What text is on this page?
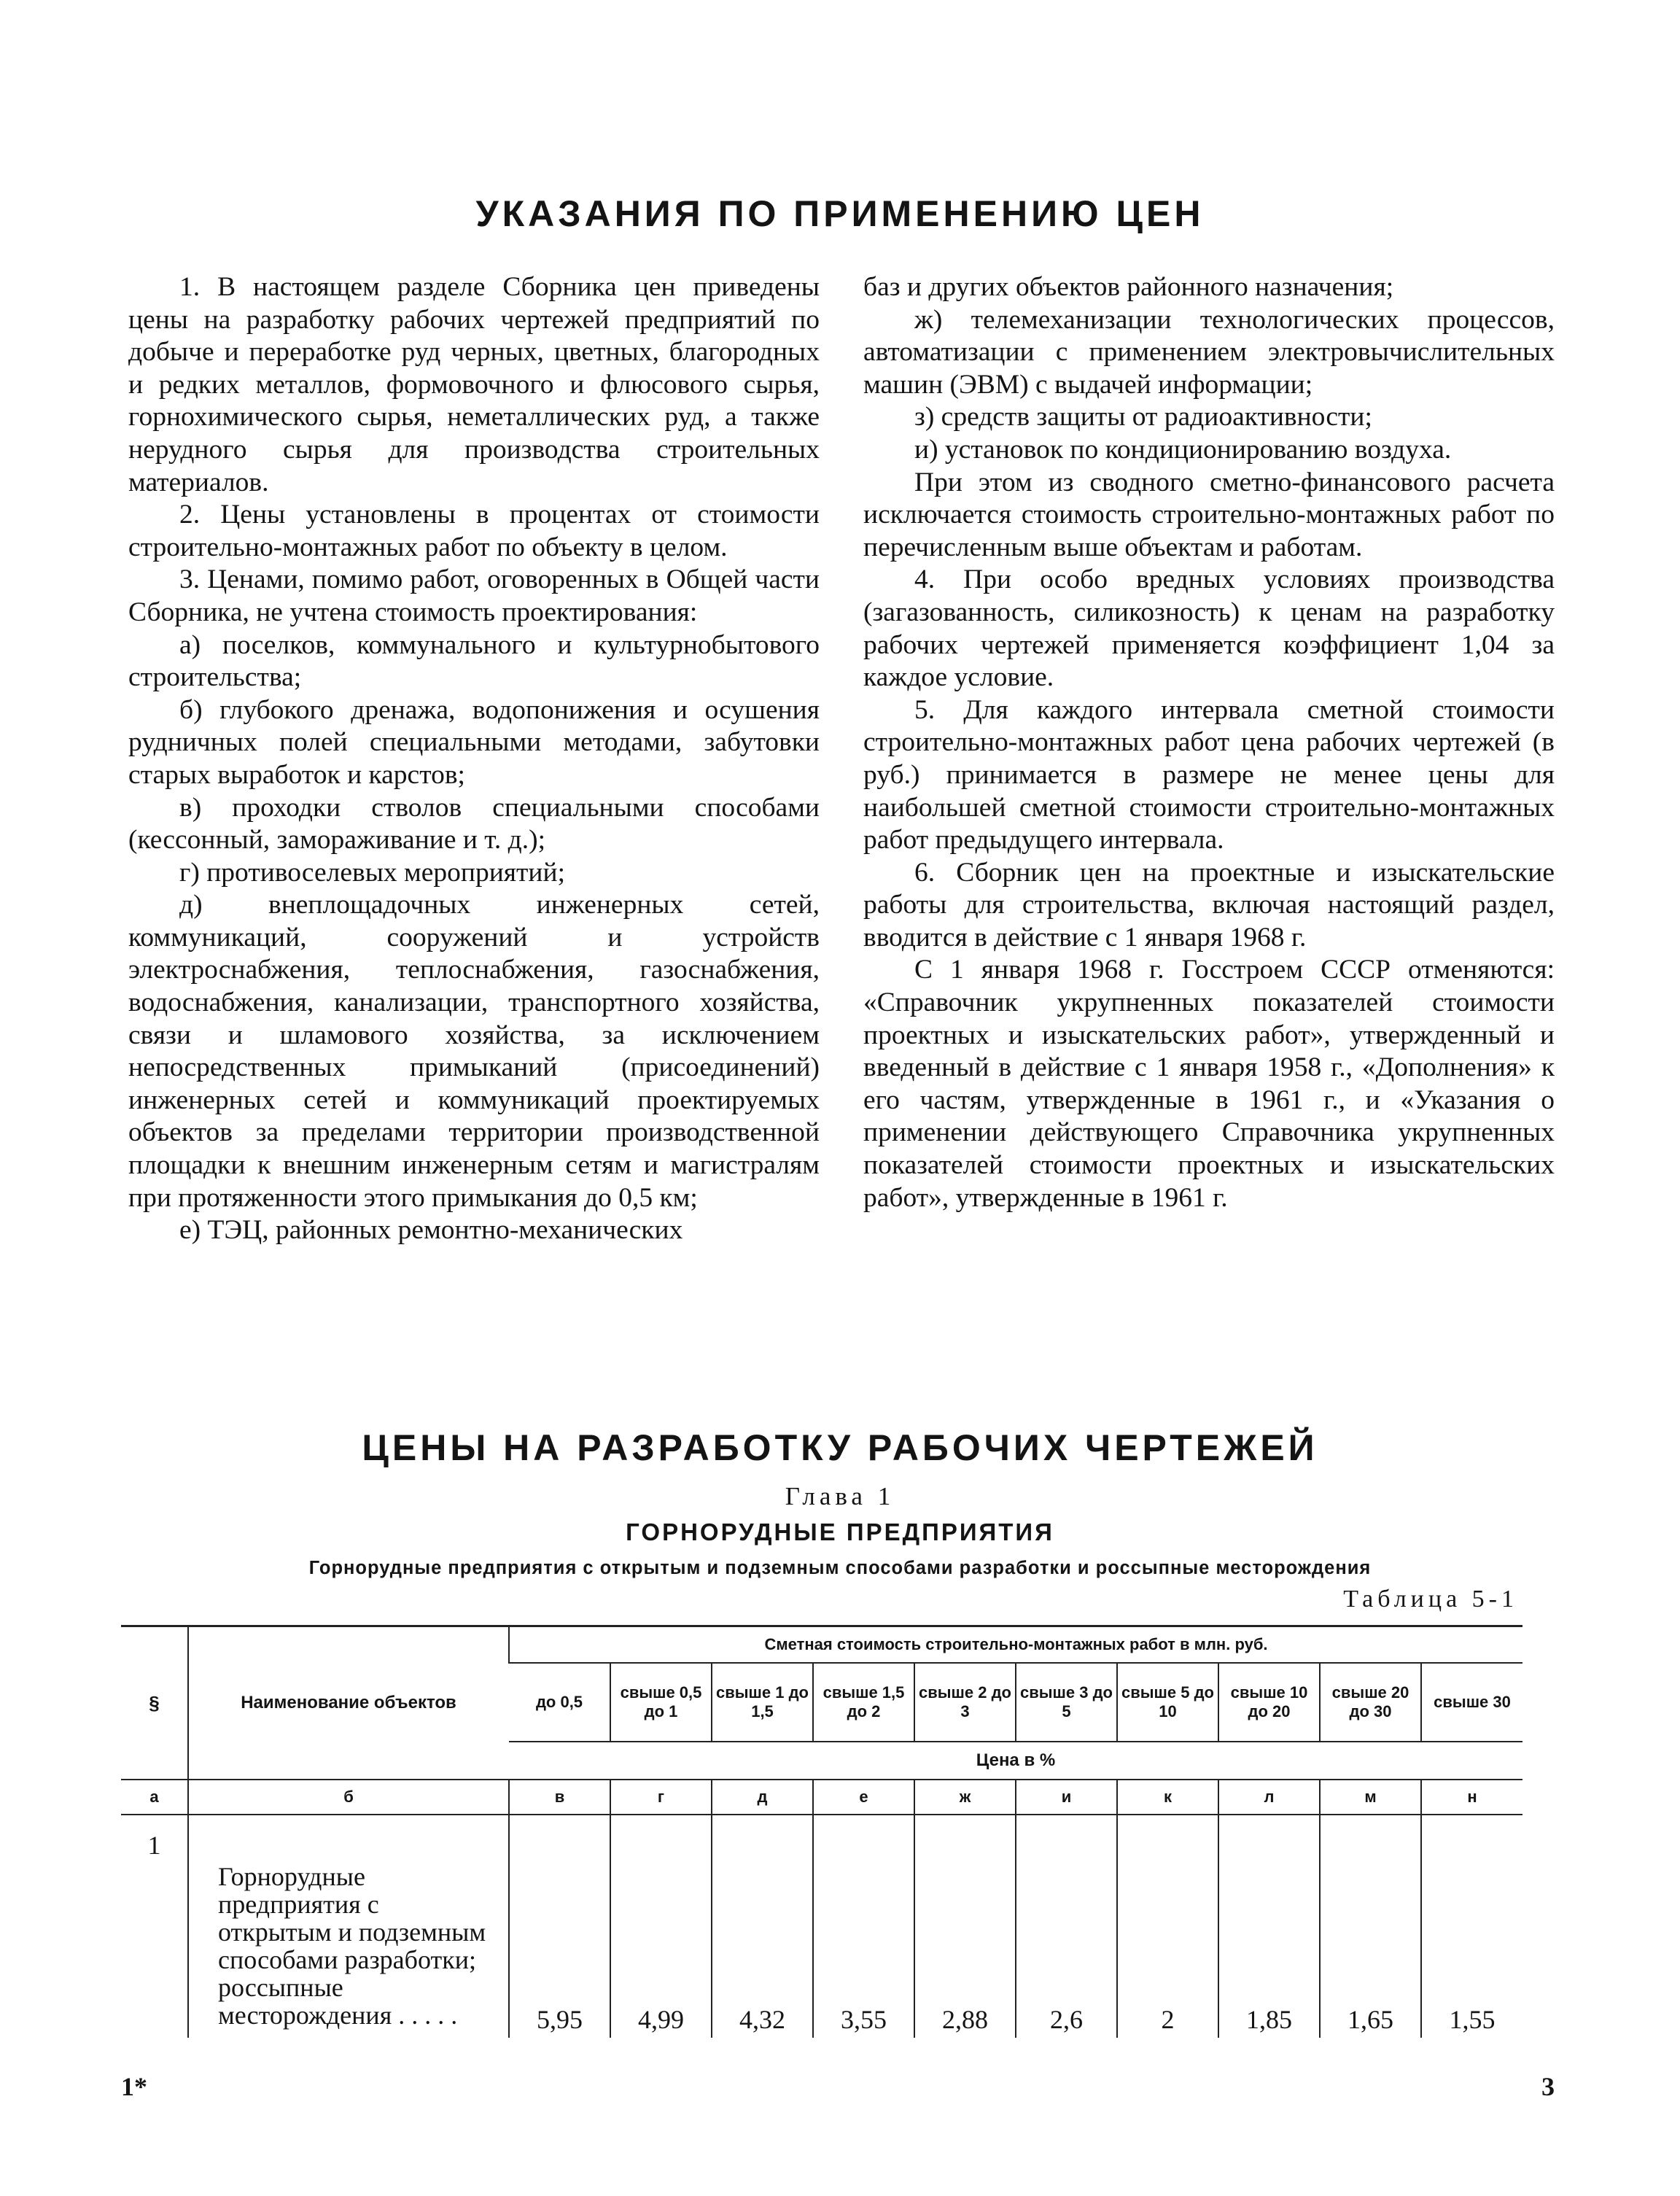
УКАЗАНИЯ ПО ПРИМЕНЕНИЮ ЦЕН

1. В настоящем разделе Сборника цен приведены цены на разработку рабочих чертежей предприятий по добыче и переработке руд черных, цветных, благородных и редких металлов, формовочного и флюсового сырья, горнохимического сырья, неметаллических руд, а также нерудного сырья для производства строительных материалов.

2. Цены установлены в процентах от стоимости строительно-монтажных работ по объекту в целом.

3. Ценами, помимо работ, оговоренных в Общей части Сборника, не учтена стоимость проектирования:

а) поселков, коммунального и культурнобытового строительства;

б) глубокого дренажа, водопонижения и осушения рудничных полей специальными методами, забутовки старых выработок и карстов;

в) проходки стволов специальными способами (кессонный, замораживание и т. д.);

г) противоселевых мероприятий;

д) внеплощадочных инженерных сетей, коммуникаций, сооружений и устройств электроснабжения, теплоснабжения, газоснабжения, водоснабжения, канализации, транспортного хозяйства, связи и шламового хозяйства, за исключением непосредственных примыканий (присоединений) инженерных сетей и коммуникаций проектируемых объектов за пределами территории производственной площадки к внешним инженерным сетям и магистралям при протяженности этого примыкания до 0,5 км;

е) ТЭЦ, районных ремонтно-механических

баз и других объектов районного назначения;

ж) телемеханизации технологических процессов, автоматизации с применением электровычислительных машин (ЭВМ) с выдачей информации;

з) средств защиты от радиоактивности;

и) установок по кондиционированию воздуха.

При этом из сводного сметно-финансового расчета исключается стоимость строительно-монтажных работ по перечисленным выше объектам и работам.

4. При особо вредных условиях производства (загазованность, силикозность) к ценам на разработку рабочих чертежей применяется коэффициент 1,04 за каждое условие.

5. Для каждого интервала сметной стоимости строительно-монтажных работ цена рабочих чертежей (в руб.) принимается в размере не менее цены для наибольшей сметной стоимости строительно-монтажных работ предыдущего интервала.

6. Сборник цен на проектные и изыскательские работы для строительства, включая настоящий раздел, вводится в действие с 1 января 1968 г.

С 1 января 1968 г. Госстроем СССР отменяются: «Справочник укрупненных показателей стоимости проектных и изыскательских работ», утвержденный и введенный в действие с 1 января 1958 г., «Дополнения» к его частям, утвержденные в 1961 г., и «Указания о применении действующего Справочника укрупненных показателей стоимости проектных и изыскательских работ», утвержденные в 1961 г.

ЦЕНЫ НА РАЗРАБОТКУ РАБОЧИХ ЧЕРТЕЖЕЙ
Глава 1
ГОРНОРУДНЫЕ ПРЕДПРИЯТИЯ
Горнорудные предприятия с открытым и подземным способами разработки и россыпные месторождения
Таблица 5-1
§	Наименование объектов	Сметная стоимость строительно-монтажных работ в млн. руб.									
		до 0,5	свыше 0,5 до 1	свыше 1 до 1,5	свыше 1,5 до 2	свыше 2 до 3	свыше 3 до 5	свыше 5 до 10	свыше 10 до 20	свыше 20 до 30	свыше 30
		Цена в %									
а	б	в	г	д	е	ж	и	к	л	м	н
1	Горнорудные предприятия с открытым и подземным способами разработки; россыпные месторождения . . . . .	5,95	4,99	4,32	3,55	2,88	2,6	2	1,85	1,65	1,55
1*	3
